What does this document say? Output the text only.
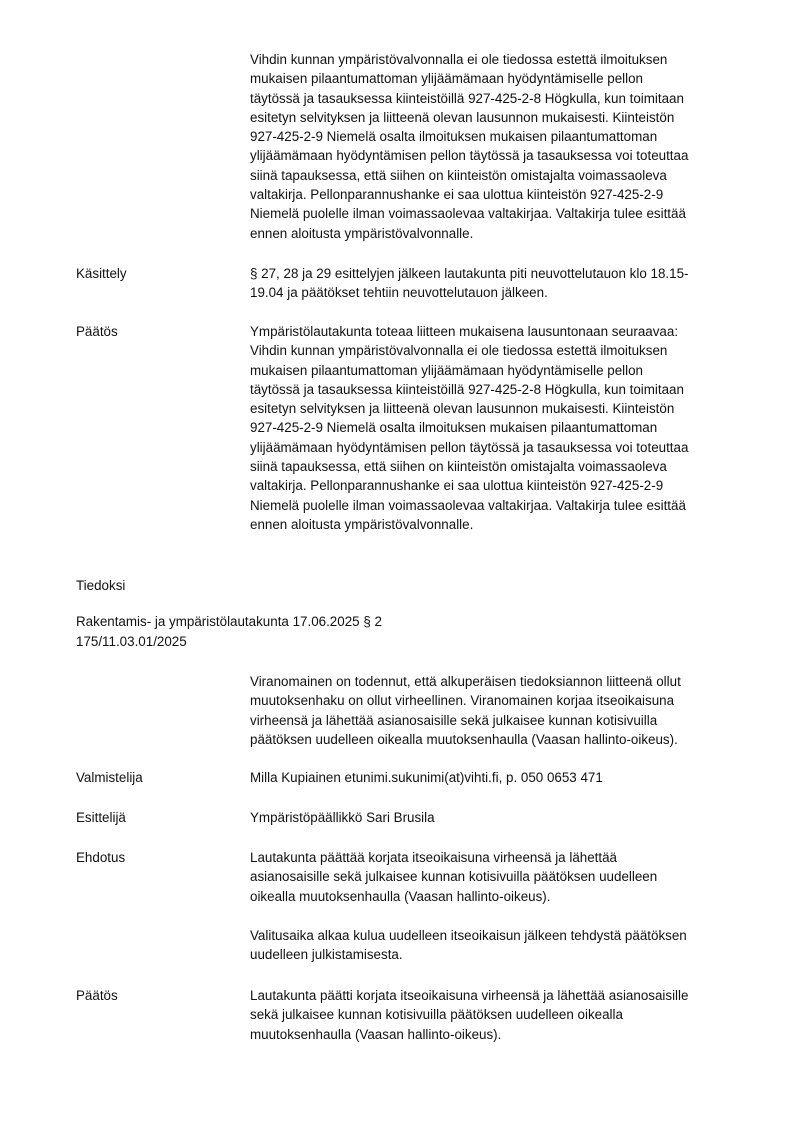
Vihdin kunnan ympäristövalvonnalla ei ole tiedossa estettä ilmoituksen
mukaisen pilaantumattoman ylijäämämaan hyödyntämiselle pellon
täytössä ja tasauksessa kiinteistöillä 927-425-2-8 Högkulla, kun toimitaan
esitetyn selvityksen ja liitteenä olevan lausunnon mukaisesti. Kiinteistön
927-425-2-9 Niemelä osalta ilmoituksen mukaisen pilaantumattoman
ylijäämämaan hyödyntämisen pellon täytössä ja tasauksessa voi toteuttaa
siinä tapauksessa, että siihen on kiinteistön omistajalta voimassaoleva
valtakirja. Pellonparannushanke ei saa ulottua kiinteistön 927-425-2-9
Niemelä puolelle ilman voimassaolevaa valtakirjaa. Valtakirja tulee esittää
ennen aloitusta ympäristövalvonnalle.
Käsittely	§ 27, 28 ja 29 esittelyjen jälkeen lautakunta piti neuvottelutauon klo 18.15-
19.04 ja päätökset tehtiin neuvottelutauon jälkeen.
Päätös	Ympäristölautakunta toteaa liitteen mukaisena lausuntonaan seuraavaa:
Vihdin kunnan ympäristövalvonnalla ei ole tiedossa estettä ilmoituksen
mukaisen pilaantumattoman ylijäämämaan hyödyntämiselle pellon
täytössä ja tasauksessa kiinteistöillä 927-425-2-8 Högkulla, kun toimitaan
esitetyn selvityksen ja liitteenä olevan lausunnon mukaisesti. Kiinteistön
927-425-2-9 Niemelä osalta ilmoituksen mukaisen pilaantumattoman
ylijäämämaan hyödyntämisen pellon täytössä ja tasauksessa voi toteuttaa
siinä tapauksessa, että siihen on kiinteistön omistajalta voimassaoleva
valtakirja. Pellonparannushanke ei saa ulottua kiinteistön 927-425-2-9
Niemelä puolelle ilman voimassaolevaa valtakirjaa. Valtakirja tulee esittää
ennen aloitusta ympäristövalvonnalle.
Tiedoksi
Rakentamis- ja ympäristölautakunta 17.06.2025 § 2
175/11.03.01/2025
Viranomainen on todennut, että alkuperäisen tiedoksiannon liitteenä ollut
muutoksenhaku on ollut virheellinen. Viranomainen korjaa itseoikaisuna
virheensä ja lähettää asianosaisille sekä julkaisee kunnan kotisivuilla
päätöksen uudelleen oikealla muutoksenhaulla (Vaasan hallinto-oikeus).
Valmistelija	Milla Kupiainen etunimi.sukunimi(at)vihti.fi, p. 050 0653 471
Esittelijä	Ympäristöpäällikkö Sari Brusila
Ehdotus	Lautakunta päättää korjata itseoikaisuna virheensä ja lähettää
asianosaisille sekä julkaisee kunnan kotisivuilla päätöksen uudelleen
oikealla muutoksenhaulla (Vaasan hallinto-oikeus).

Valitusaika alkaa kulua uudelleen itseoikaisun jälkeen tehdystä päätöksen
uudelleen julkistamisesta.

Päätös	Lautakunta päätti korjata itseoikaisuna virheensä ja lähettää asianosaisille
sekä julkaisee kunnan kotisivuilla päätöksen uudelleen oikealla
muutoksenhaulla (Vaasan hallinto-oikeus).
